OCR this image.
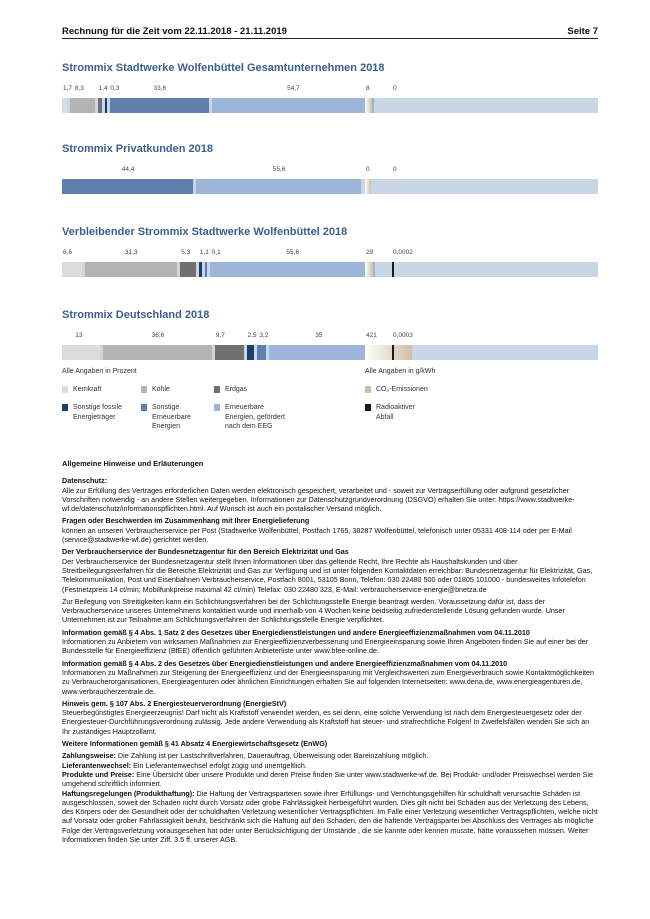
Rechnung für die Zeit vom 22.11.2018 - 21.11.2019	Seite 7
Strommix Stadtwerke Wolfenbüttel Gesamtunternehmen 2018
1,7 8,3 1,4 0,3	33,6	54,7	8	0
Strommix Privatkunden 2018
44,4	55,6	0	0
Verbleibender Strommix Stadtwerke Wolfenbüttel 2018
6,6	31,3	5,3 1,1 0,1	55,6	29	0,0002
Strommix Deutschland 2018
13	36,6	9,7	2,5 3,2	35	421 0,0003
Alle Angaben in Prozent	Alle Angaben in g/kWh
Kernkraft	Kohle	Erdgas	CO₂-Emissionen
Sonstige fossile
Energieträger
Sonstige
Erneuerbare
Energien
Erneuerbare
Energien, gefördert
nach dem EEG
Radioaktiver
Abfall
Allgemeine Hinweise und Erläuterungen
Datenschutz:

Alle zur Erfüllung des Vertrages erforderlichen Daten werden elektronisch gespeichert, verarbeitet und - soweit zur Vertragserfüllung oder aufgrund gesetzlicher Vorschriften notwendig - an andere Stellen weitergegeben. Informationen zur Datenschutzgrundverordnung (DSGVO) erhalten Sie unter: https://www.stadtwerke-wf.de/datenschutz/informationspflichten.html. Auf Wunsch ist auch ein postalischer Versand möglich.

Fragen oder Beschwerden im Zusammenhang mit Ihrer Energielieferung

können an unseren Verbraucherservice per Post (Stadtwerke Wolfenbüttel, Postfach 1765, 38287 Wolfenbüttel, telefonisch unter 05331 408-114 oder per E-Mail (service@stadtwerke-wf.de) gerichtet werden.

Der Verbraucherservice der Bundesnetzagentur für den Bereich Elektrizität und Gas

Der Verbraucherservice der Bundesnetzagentur stellt Ihnen Informationen über das geltende Recht, Ihre Rechte als Haushaltskunden und über Streitbeilegungsverfahren für die Bereiche Elektrizität und Gas zur Verfügung und ist unter folgenden Kontaktdaten erreichbar: Bundesnetzagentur für Elektrizität, Gas, Telekommunikation, Post und Eisenbahnen Verbraucherservice, Postfach 8001, 53105 Bonn, Telefon: 030 22480 500 oder 01805 101000 - bundesweites Infotelefon (Festnetzpreis 14 ct/min; Mobilfunkpreise maximal 42 ct/min) Telefax: 030 22480 323, E-Mail: verbraucherservice-energie@bnetza.de

Zur Beilegung von Streitigkeiten kann ein Schlichtungsverfahren bei der Schlichtungsstelle Energie beantragt werden. Voraussetzung dafür ist, dass der Verbraucherservice unseres Unternehmens kontaktiert wurde und innerhalb von 4 Wochen keine beidseitig zufriedenstellende Lösung gefunden wurde. Unser Unternehmen ist zur Teilnahme am Schlichtungsverfahren der Schlichtungsstelle Energie verpflichtet.

Information gemäß § 4 Abs. 1 Satz 2 des Gesetzes über Energiedienstleistungen und andere Energieeffizienzmaßnahmen vom 04.11.2010

Informationen zu Anbietern von wirksamen Maßnahmen zur Energieeffizienzverbesserung und Energieeinsparung sowie Ihren Angeboten finden Sie auf einer bei der Bundesstelle für Energieeffizienz (BfEE) öffentlich geführten Anbieterliste unter www.bfee-online.de.

Information gemäß § 4 Abs. 2 des Gesetzes über Energiedienstleistungen und andere Energieeffizienzmaßnahmen vom 04.11.2010

Informationen zu Maßnahmen zur Steigerung der Energieeffizienz und der Energieeinsparung mit Vergleichswerten zum Energieverbrauch sowie Kontaktmöglichkeiten zu Verbraucherorganisationen, Energieagenturen oder ähnlichen Einrichtungen erhalten Sie auf folgenden Internetseiten: www.dena.de, www.energieagenturen.de, www.verbraucherzentrale.de.

Hinweis gem. § 107 Abs. 2 Energiesteuerverordnung (EnergieStV)

Steuerbegünstigtes Energieerzeugnis! Darf nicht als Kraftstoff verwendet werden, es sei denn, eine solche Verwendung ist nach dem Energiesteuergesetz oder der Energiesteuer-Durchführungsverordnung zulässig. Jede andere Verwendung als Kraftstoff hat steuer- und strafrechtliche Folgen! In Zweifelsfällen wenden Sie sich an Ihr zuständiges Hauptzollamt.

Weitere Informationen gemäß § 41 Absatz 4 Energiewirtschaftsgesetz (EnWG)

Zahlungsweise: Die Zahlung ist per Lastschriftverfahren, Dauerauftrag, Überweisung oder Bareinzahlung möglich.

Lieferantenwechsel: Ein Lieferantenwechsel erfolgt zügig und unentgeltlich.

Produkte und Preise: Eine Übersicht über unsere Produkte und deren Preise finden Sie unter www.stadtwerke-wf.de. Bei Produkt- und/oder Preiswechsel werden Sie umgehend schriftlich informiert.

Haftungsregelungen (Produkthaftung): Die Haftung der Vertragsparteien sowie ihrer Erfüllungs- und Verrichtungsgehilfen für schuldhaft verursachte Schäden ist ausgeschlossen, soweit der Schaden nicht durch Vorsatz oder grobe Fahrlässigkeit herbeigeführt wurden. Dies gilt nicht bei Schäden aus der Verletzung des Lebens, des Körpers oder der Gesundheit oder der schuldhaften Verletzung wesentlicher Vertragspflichten. Im Falle einer Verletzung wesentlicher Vertragspflichten, welche nicht auf Vorsatz oder grober Fahrlässigkeit beruht, beschränkt sich die Haftung auf den Schaden, den die haftende Vertragspartei bei Abschluss des Vertrages als mögliche Folge der Vertragsverletzung vorausgesehen hat oder unter Berücksichtigung der Umstände , die sie kannte oder kennen musste, hätte voraussehen müssen. Weiter Informationen finden Sie unter Ziff. 3.5 ff. unserer AGB.
